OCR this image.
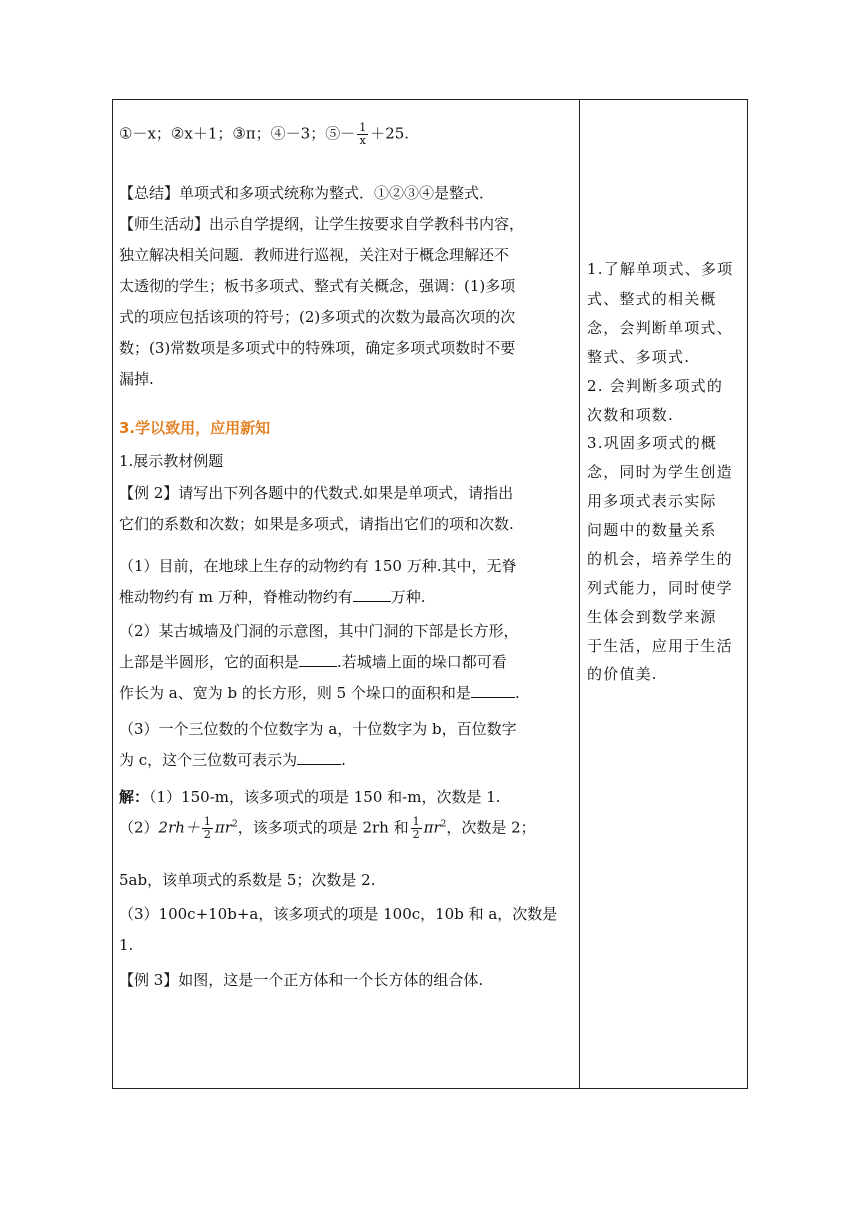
①－x；②x＋1；③π；④－3；⑤－ $\frac{1}{x} +25$.
【总结】单项式和多项式统称为整式．①②③④是整式．
【师生活动】出示自学提纲，让学生按要求自学教科书内容，
独立解决相关问题．教师进行巡视，关注对于概念理解还不
太透彻的学生；板书多项式、整式有关概念，强调：(1)多项
式的项应包括该项的符号；(2)多项式的次数为最高次项的次
数；(3)常数项是多项式中的特殊项，确定多项式项数时不要
漏掉.
3.学以致用，应用新知
1.展示教材例题
【例 2】请写出下列各题中的代数式.如果是单项式，请指出
它们的系数和次数；如果是多项式，请指出它们的项和次数.
（1）目前，在地球上生存的动物约有 150 万种.其中，无脊
椎动物约有 m 万种，脊椎动物约有	万种.
（2）某古城墙及门洞的示意图，其中门洞的下部是长方形，
上部是半圆形，它的面积是	.若城墙上面的垛口都可看
作长为 a、宽为 b 的长方形，则 5 个垛口的面积和是	.
（3）一个三位数的个位数字为 a，十位数字为 b，百位数字
为 c，这个三位数可表示为	.
解：（1）150-m，该多项式的项是 150 和-m，次数是 1.
$(2)2rh+ \frac{1}{2} \pi r^2$，该多项式的项是 2rh 和 $\frac{1}{2} \pi r^2$，次数是 2；
5ab，该单项式的系数是 5；次数是 2.
（3）100c+10b+a，该多项式的项是 100c，10b 和 a，次数是
1.
【例 3】如图，这是一个正方体和一个长方体的组合体.
1.了解单项式、多项
式、整式的相关概
念，会判断单项式、
整式、多项式.
2. 会判断多项式的
次数和项数.
3.巩固多项式的概
念，同时为学生创造
用多项式表示实际
问题中的数量关系
的机会，培养学生的
列式能力，同时使学
生体会到数学来源
于生活，应用于生活
的价值美.
